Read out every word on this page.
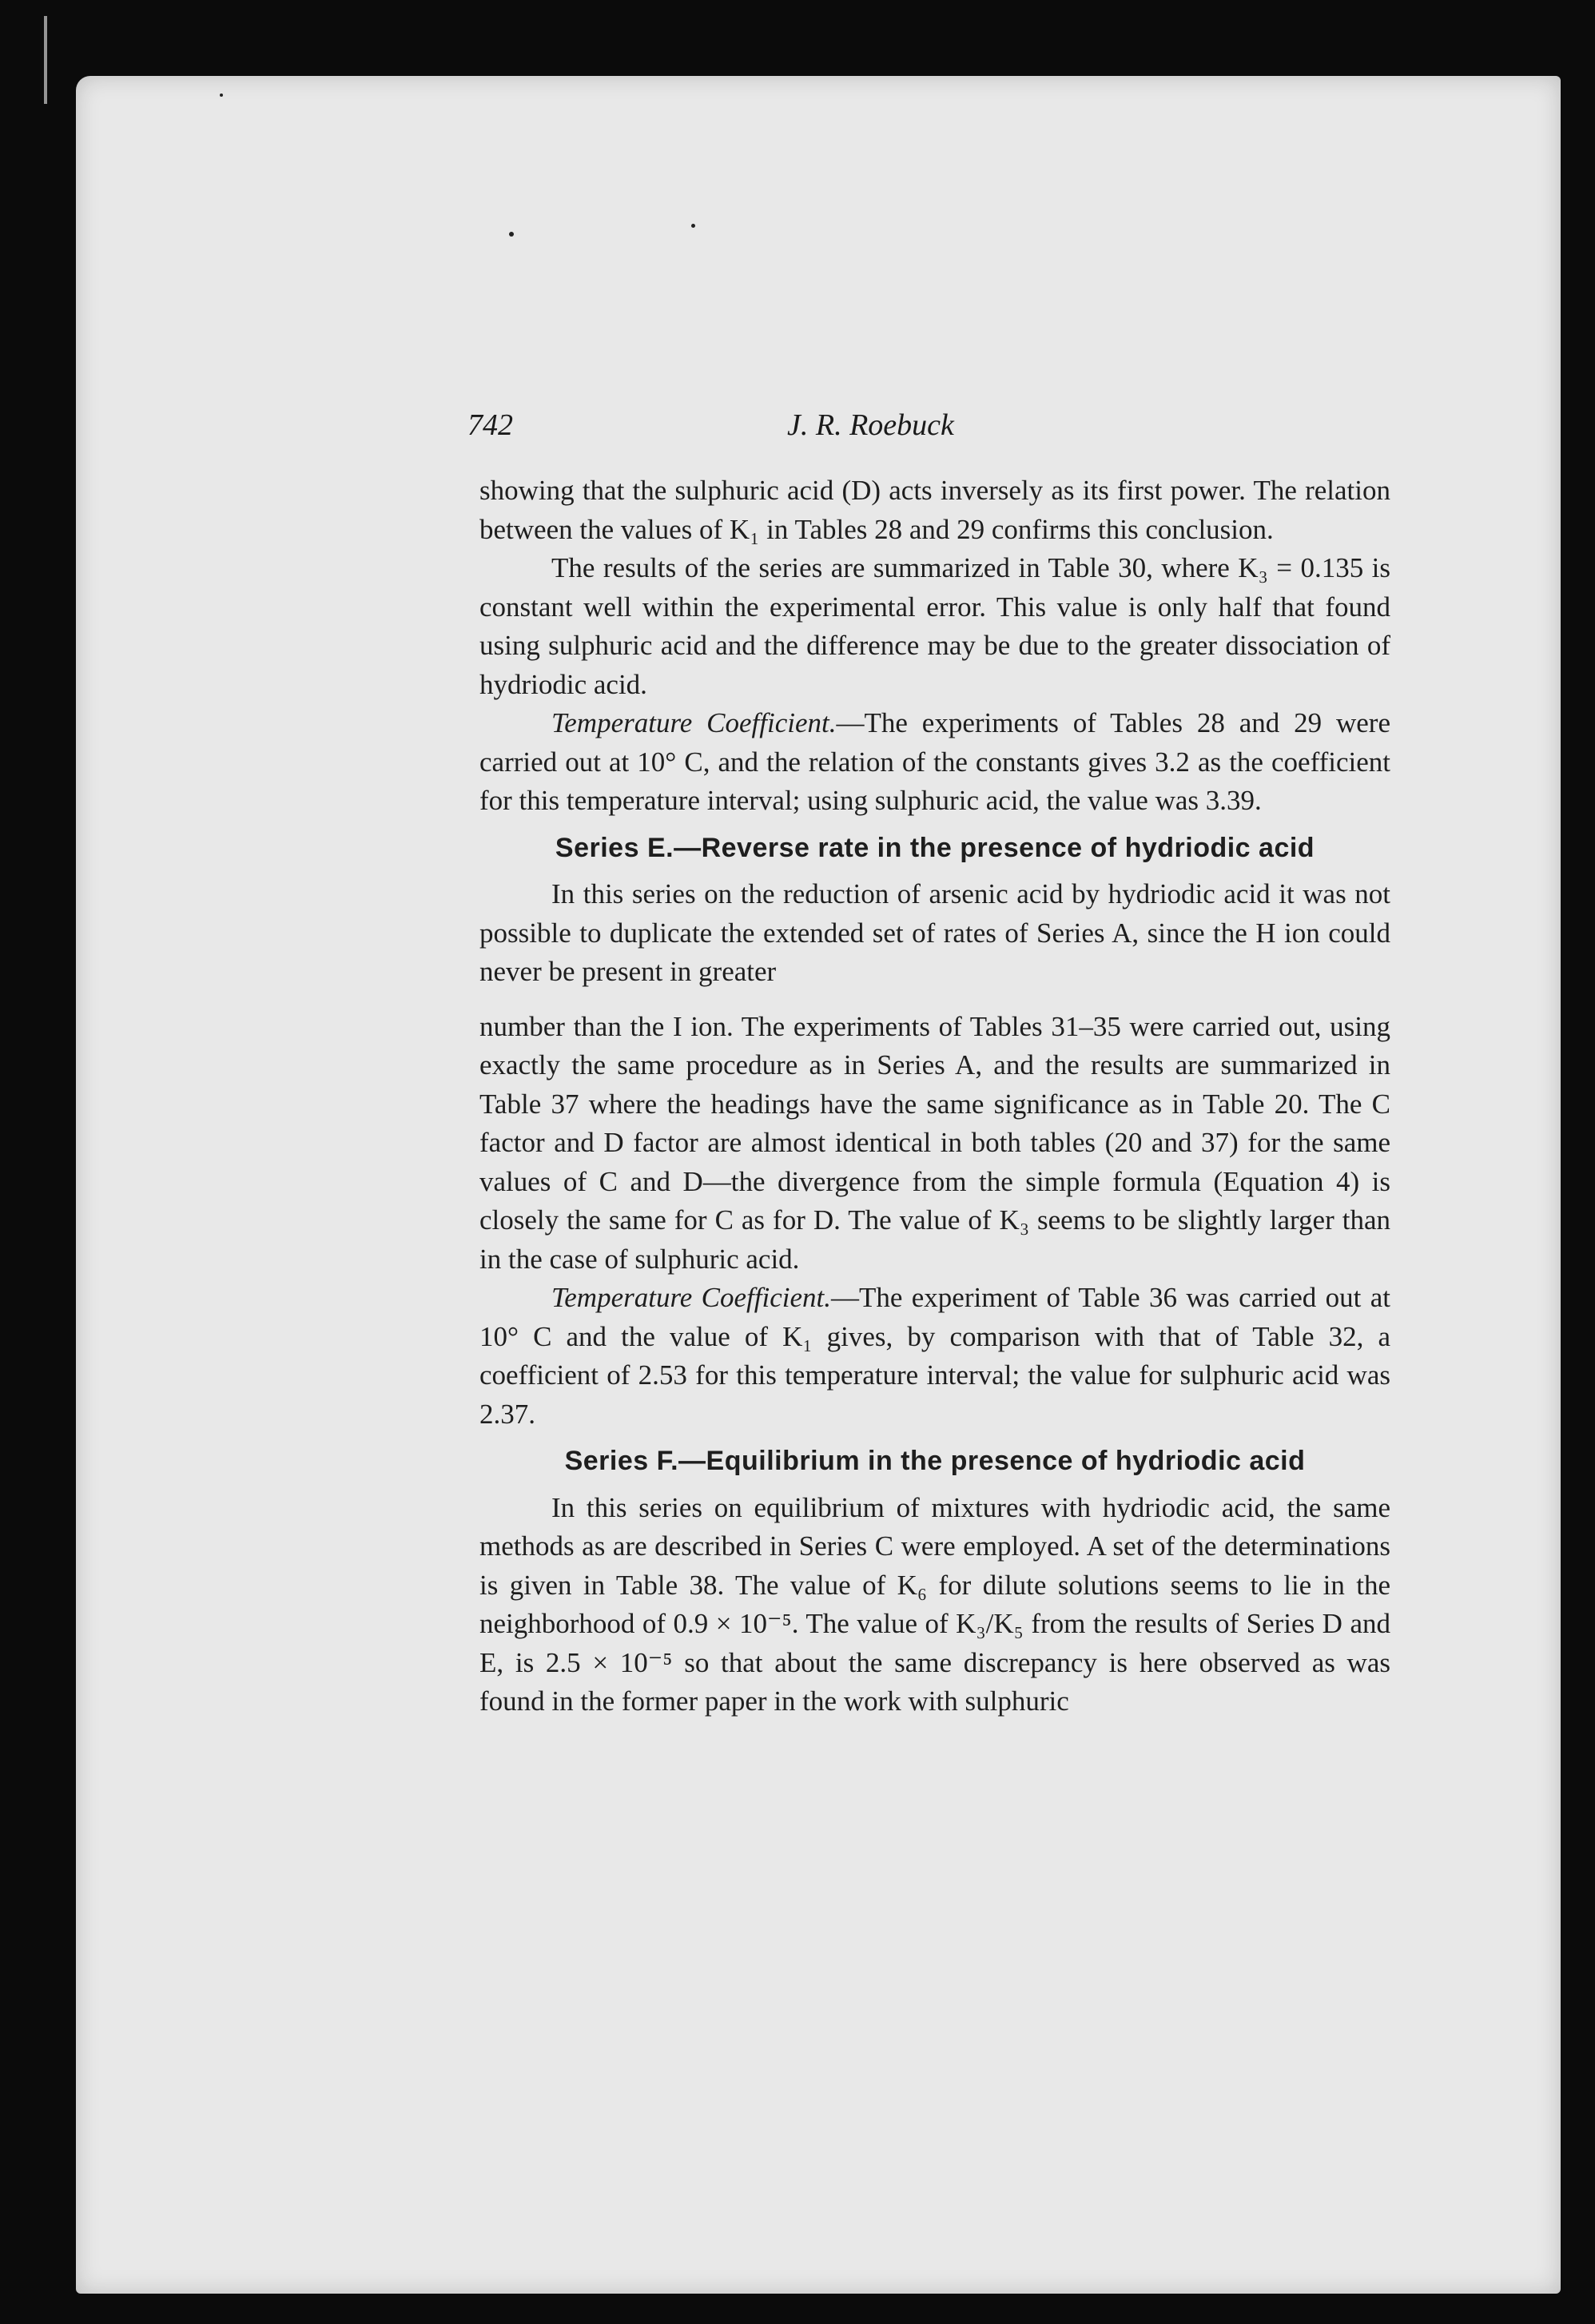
742	J. R. Roebuck

showing that the sulphuric acid (D) acts inversely as its first power. The relation between the values of K₁ in Tables 28 and 29 confirms this conclusion.

The results of the series are summarized in Table 30, where K₃ = 0.135 is constant well within the experimental error. This value is only half that found using sulphuric acid and the difference may be due to the greater dissociation of hydriodic acid.

Temperature Coefficient.—The experiments of Tables 28 and 29 were carried out at 10° C, and the relation of the constants gives 3.2 as the coefficient for this temperature interval; using sulphuric acid, the value was 3.39.

Series E.—Reverse rate in the presence of hydriodic acid

In this series on the reduction of arsenic acid by hydriodic acid it was not possible to duplicate the extended set of rates of Series A, since the H ion could never be present in greater

number than the I ion. The experiments of Tables 31–35 were carried out, using exactly the same procedure as in Series A, and the results are summarized in Table 37 where the headings have the same significance as in Table 20. The C factor and D factor are almost identical in both tables (20 and 37) for the same values of C and D—the divergence from the simple formula (Equation 4) is closely the same for C as for D. The value of K₃ seems to be slightly larger than in the case of sulphuric acid.

Temperature Coefficient.—The experiment of Table 36 was carried out at 10° C and the value of K₁ gives, by comparison with that of Table 32, a coefficient of 2.53 for this temperature interval; the value for sulphuric acid was 2.37.

Series F.—Equilibrium in the presence of hydriodic acid

In this series on equilibrium of mixtures with hydriodic acid, the same methods as are described in Series C were employed. A set of the determinations is given in Table 38. The value of K₆ for dilute solutions seems to lie in the neighborhood of 0.9 × 10⁻⁵. The value of K₃/K₅ from the results of Series D and E, is 2.5 × 10⁻⁵ so that about the same discrepancy is here observed as was found in the former paper in the work with sulphuric
